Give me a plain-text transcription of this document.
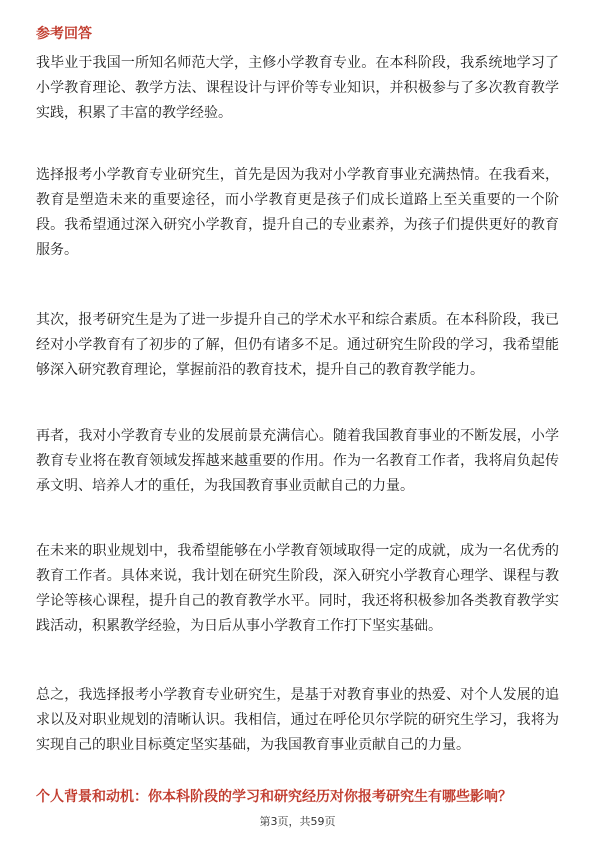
参考回答

我毕业于我国一所知名师范大学，主修小学教育专业。在本科阶段，我系统地学习了小学教育理论、教学方法、课程设计与评价等专业知识，并积极参与了多次教育教学实践，积累了丰富的教学经验。

选择报考小学教育专业研究生，首先是因为我对小学教育事业充满热情。在我看来，教育是塑造未来的重要途径，而小学教育更是孩子们成长道路上至关重要的一个阶段。我希望通过深入研究小学教育，提升自己的专业素养，为孩子们提供更好的教育服务。

其次，报考研究生是为了进一步提升自己的学术水平和综合素质。在本科阶段，我已经对小学教育有了初步的了解，但仍有诸多不足。通过研究生阶段的学习，我希望能够深入研究教育理论，掌握前沿的教育技术，提升自己的教育教学能力。

再者，我对小学教育专业的发展前景充满信心。随着我国教育事业的不断发展，小学教育专业将在教育领域发挥越来越重要的作用。作为一名教育工作者，我将肩负起传承文明、培养人才的重任，为我国教育事业贡献自己的力量。

在未来的职业规划中，我希望能够在小学教育领域取得一定的成就，成为一名优秀的教育工作者。具体来说，我计划在研究生阶段，深入研究小学教育心理学、课程与教学论等核心课程，提升自己的教育教学水平。同时，我还将积极参加各类教育教学实践活动，积累教学经验，为日后从事小学教育工作打下坚实基础。

总之，我选择报考小学教育专业研究生，是基于对教育事业的热爱、对个人发展的追求以及对职业规划的清晰认识。我相信，通过在呼伦贝尔学院的研究生学习，我将为实现自己的职业目标奠定坚实基础，为我国教育事业贡献自己的力量。

个人背景和动机：你本科阶段的学习和研究经历对你报考研究生有哪些影响？
第3页，共59页
